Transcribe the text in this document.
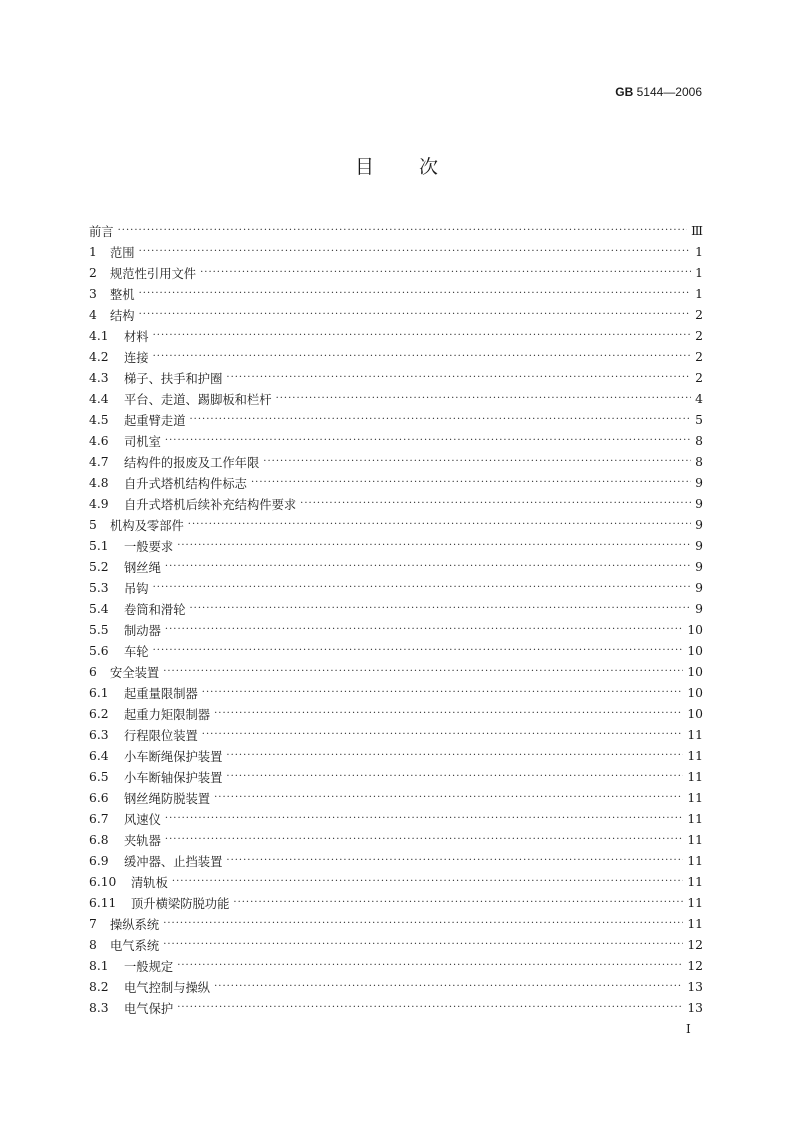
GB 5144—2006
目 次
前言 ·····	Ⅲ
1	范围 ·····	1
2	规范性引用文件 ·····	1
3	整机 ·····	1
4	结构 ·····	2
4.1	材料 ·····	2
4.2	连接 ·····	2
4.3	梯子、扶手和护圈 ·····	2
4.4	平台、走道、踢脚板和栏杆 ·····	4
4.5	起重臂走道 ·····	5
4.6	司机室 ·····	8
4.7	结构件的报废及工作年限 ·····	8
4.8	自升式塔机结构件标志 ·····	9
4.9	自升式塔机后续补充结构件要求 ·····	9
5	机构及零部件 ·····	9
5.1	一般要求 ·····	9
5.2	钢丝绳 ·····	9
5.3	吊钩 ·····	9
5.4	卷筒和滑轮 ·····	9
5.5	制动器 ·····	10
5.6	车轮 ·····	10
6	安全装置 ·····	10
6.1	起重量限制器 ·····	10
6.2	起重力矩限制器 ·····	10
6.3	行程限位装置 ·····	11
6.4	小车断绳保护装置 ·····	11
6.5	小车断轴保护装置 ·····	11
6.6	钢丝绳防脱装置 ·····	11
6.7	风速仪 ·····	11
6.8	夹轨器 ·····	11
6.9	缓冲器、止挡装置 ·····	11
6.10	清轨板 ·····	11
6.11	顶升横梁防脱功能 ·····	11
7	操纵系统 ·····	11
8	电气系统 ·····	12
8.1	一般规定 ·····	12
8.2	电气控制与操纵 ·····	13
8.3	电气保护 ·····	13
I
